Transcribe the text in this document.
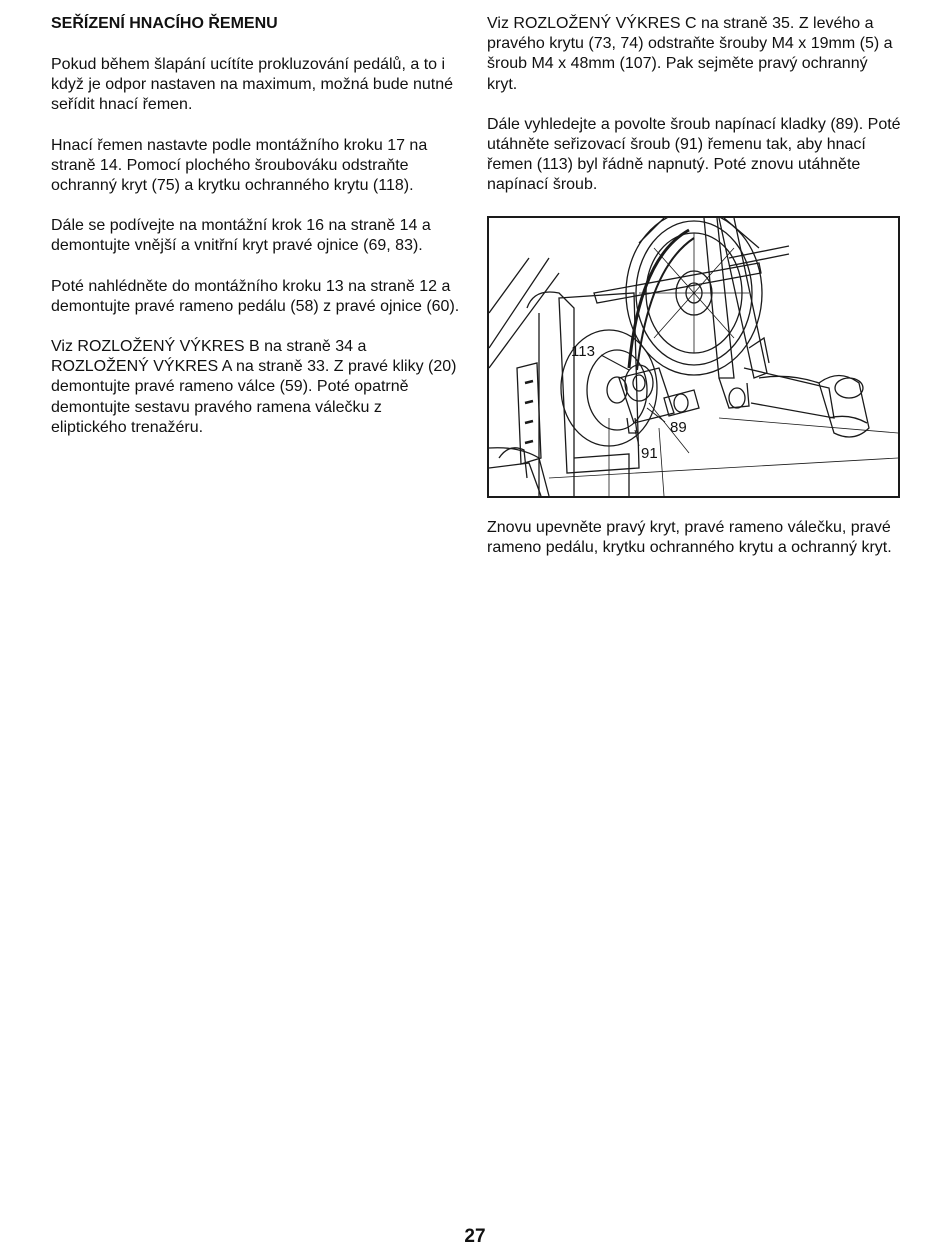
SEŘÍZENÍ HNACÍHO ŘEMENU

Pokud během šlapání ucítíte prokluzování pedálů, a to i když je odpor nastaven na maximum, možná bude nutné seřídit hnací řemen.

Hnací řemen nastavte podle montážního kroku 17 na straně 14. Pomocí plochého šroubováku odstraňte ochranný kryt (75) a krytku ochranného krytu (118).

Dále se podívejte na montážní krok 16 na straně 14 a demontujte vnější a vnitřní kryt pravé ojnice (69, 83).

Poté nahlédněte do montážního kroku 13 na straně 12 a demontujte pravé rameno pedálu (58) z pravé ojnice (60).

Viz ROZLOŽENÝ VÝKRES B na straně 34 a ROZLOŽENÝ VÝKRES A na straně 33. Z pravé kliky (20) demontujte pravé rameno válce (59). Poté opatrně demontujte sestavu pravého ramena válečku z eliptického trenažéru.

Viz ROZLOŽENÝ VÝKRES C na straně 35. Z levého a pravého krytu (73, 74) odstraňte šrouby M4 x 19mm (5) a šroub M4 x 48mm (107). Pak sejměte pravý ochranný kryt.

Dále vyhledejte a povolte šroub napínací kladky (89). Poté utáhněte seřizovací šroub (91) řemenu tak, aby hnací řemen (113) byl řádně napnutý. Poté znovu utáhněte napínací šroub.

113
89
91

Znovu upevněte pravý kryt, pravé rameno válečku, pravé rameno pedálu, krytku ochranného krytu a ochranný kryt.

27
